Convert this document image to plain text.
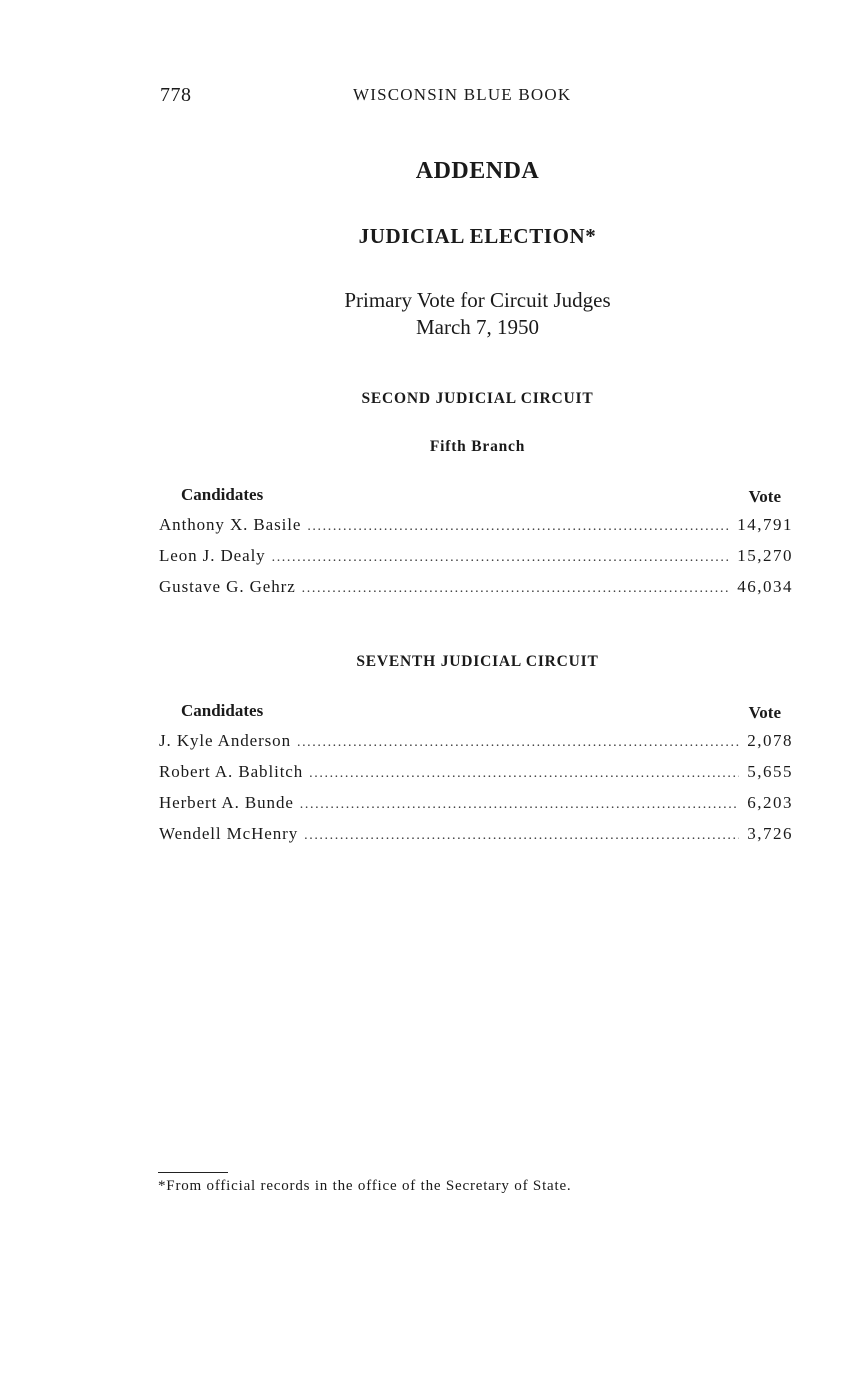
778	WISCONSIN BLUE BOOK
ADDENDA
JUDICIAL ELECTION*
Primary Vote for Circuit Judges
March 7, 1950
SECOND JUDICIAL CIRCUIT
Fifth Branch
Candidates	Vote
Anthony X. Basile .....	14,791
Leon J. Dealy .....	15,270
Gustave G. Gehrz .....	46,034
SEVENTH JUDICIAL CIRCUIT
Candidates	Vote
J. Kyle Anderson .....	2,078
Robert A. Bablitch .....	5,655
Herbert A. Bunde .....	6,203
Wendell McHenry .....	3,726
*From official records in the office of the Secretary of State.
